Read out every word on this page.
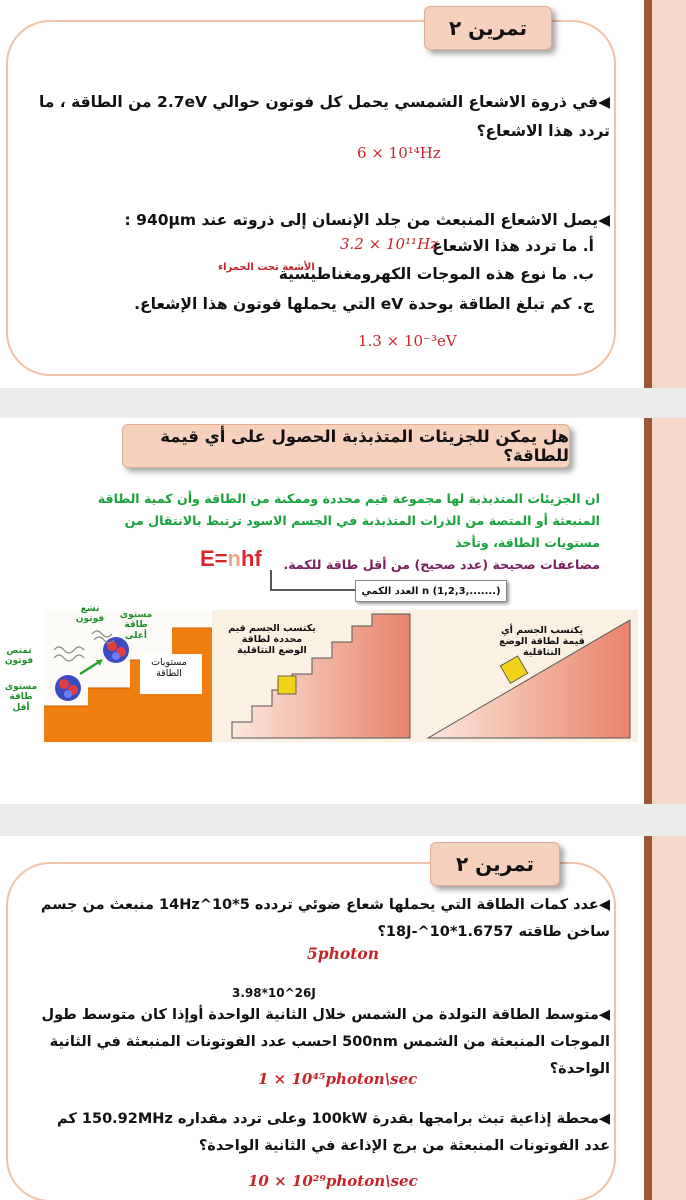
تمرين ٢
◀في ذروة الاشعاع الشمسي يحمل كل فوتون حوالي 2.7eV من الطاقة ، ما تردد هذا الاشعاع؟
6 × 10¹⁴Hz
◀يصل الاشعاع المنبعث من جلد الإنسان إلى ذروته عند 940μm :
أ. ما تردد هذا الاشعاع
3.2 × 10¹¹Hz
ب. ما نوع هذه الموجات الكهرومغناطيسية
الأشعة تحت الحمراء
ج. كم تبلغ الطاقة بوحدة eV التي يحملها فوتون هذا الإشعاع.
1.3 × 10⁻³eV
هل يمكن للجزيئات المتذبذبة الحصول على أي قيمة للطاقة؟
ان الجزيئات المتذبذبة لها مجموعة قيم محددة وممكنة من الطاقة وأن كمية الطاقة المنبعثة أو المتصة من الذرات المتذبذبة في الجسم الاسود ترتبط بالانتقال من مستويات الطاقة، وتأخذ
مضاعفات صحيحة (عدد صحيح) من أقل طاقة للكمة.
E=nhf
n (1,2,3,.......) العدد الكمي
تشع فوتون	مستوى طاقة أعلى
تمتص فوتون
مستوى طاقة أقل
مستويات الطاقة
يكتسب الجسم قيم محددة لطاقة الوضع التثاقلية
يكتسب الجسم أي قيمة لطاقة الوضع التثاقلية
تمرين ٢
◀عدد كمات الطاقة التي يحملها شعاع ضوئي تردده 5*10^14Hz منبعث من جسم ساخن طاقته 1.6757*10^-18J؟
5photon
3.98*10^26J
◀متوسط الطاقة التولدة من الشمس خلال الثانية الواحدة أوإذا كان متوسط طول الموجات المنبعثة من الشمس 500nm احسب عدد الفوتونات المنبعثة في الثانية الواحدة؟
1 × 10⁴⁵photon\sec
◀محطة إذاعية تبث برامجها بقدرة 100kW وعلى تردد مقداره 150.92MHz كم عدد الفوتونات المنبعثة من برج الإذاعة في الثانية الواحدة؟
10 × 10²⁹photon\sec
